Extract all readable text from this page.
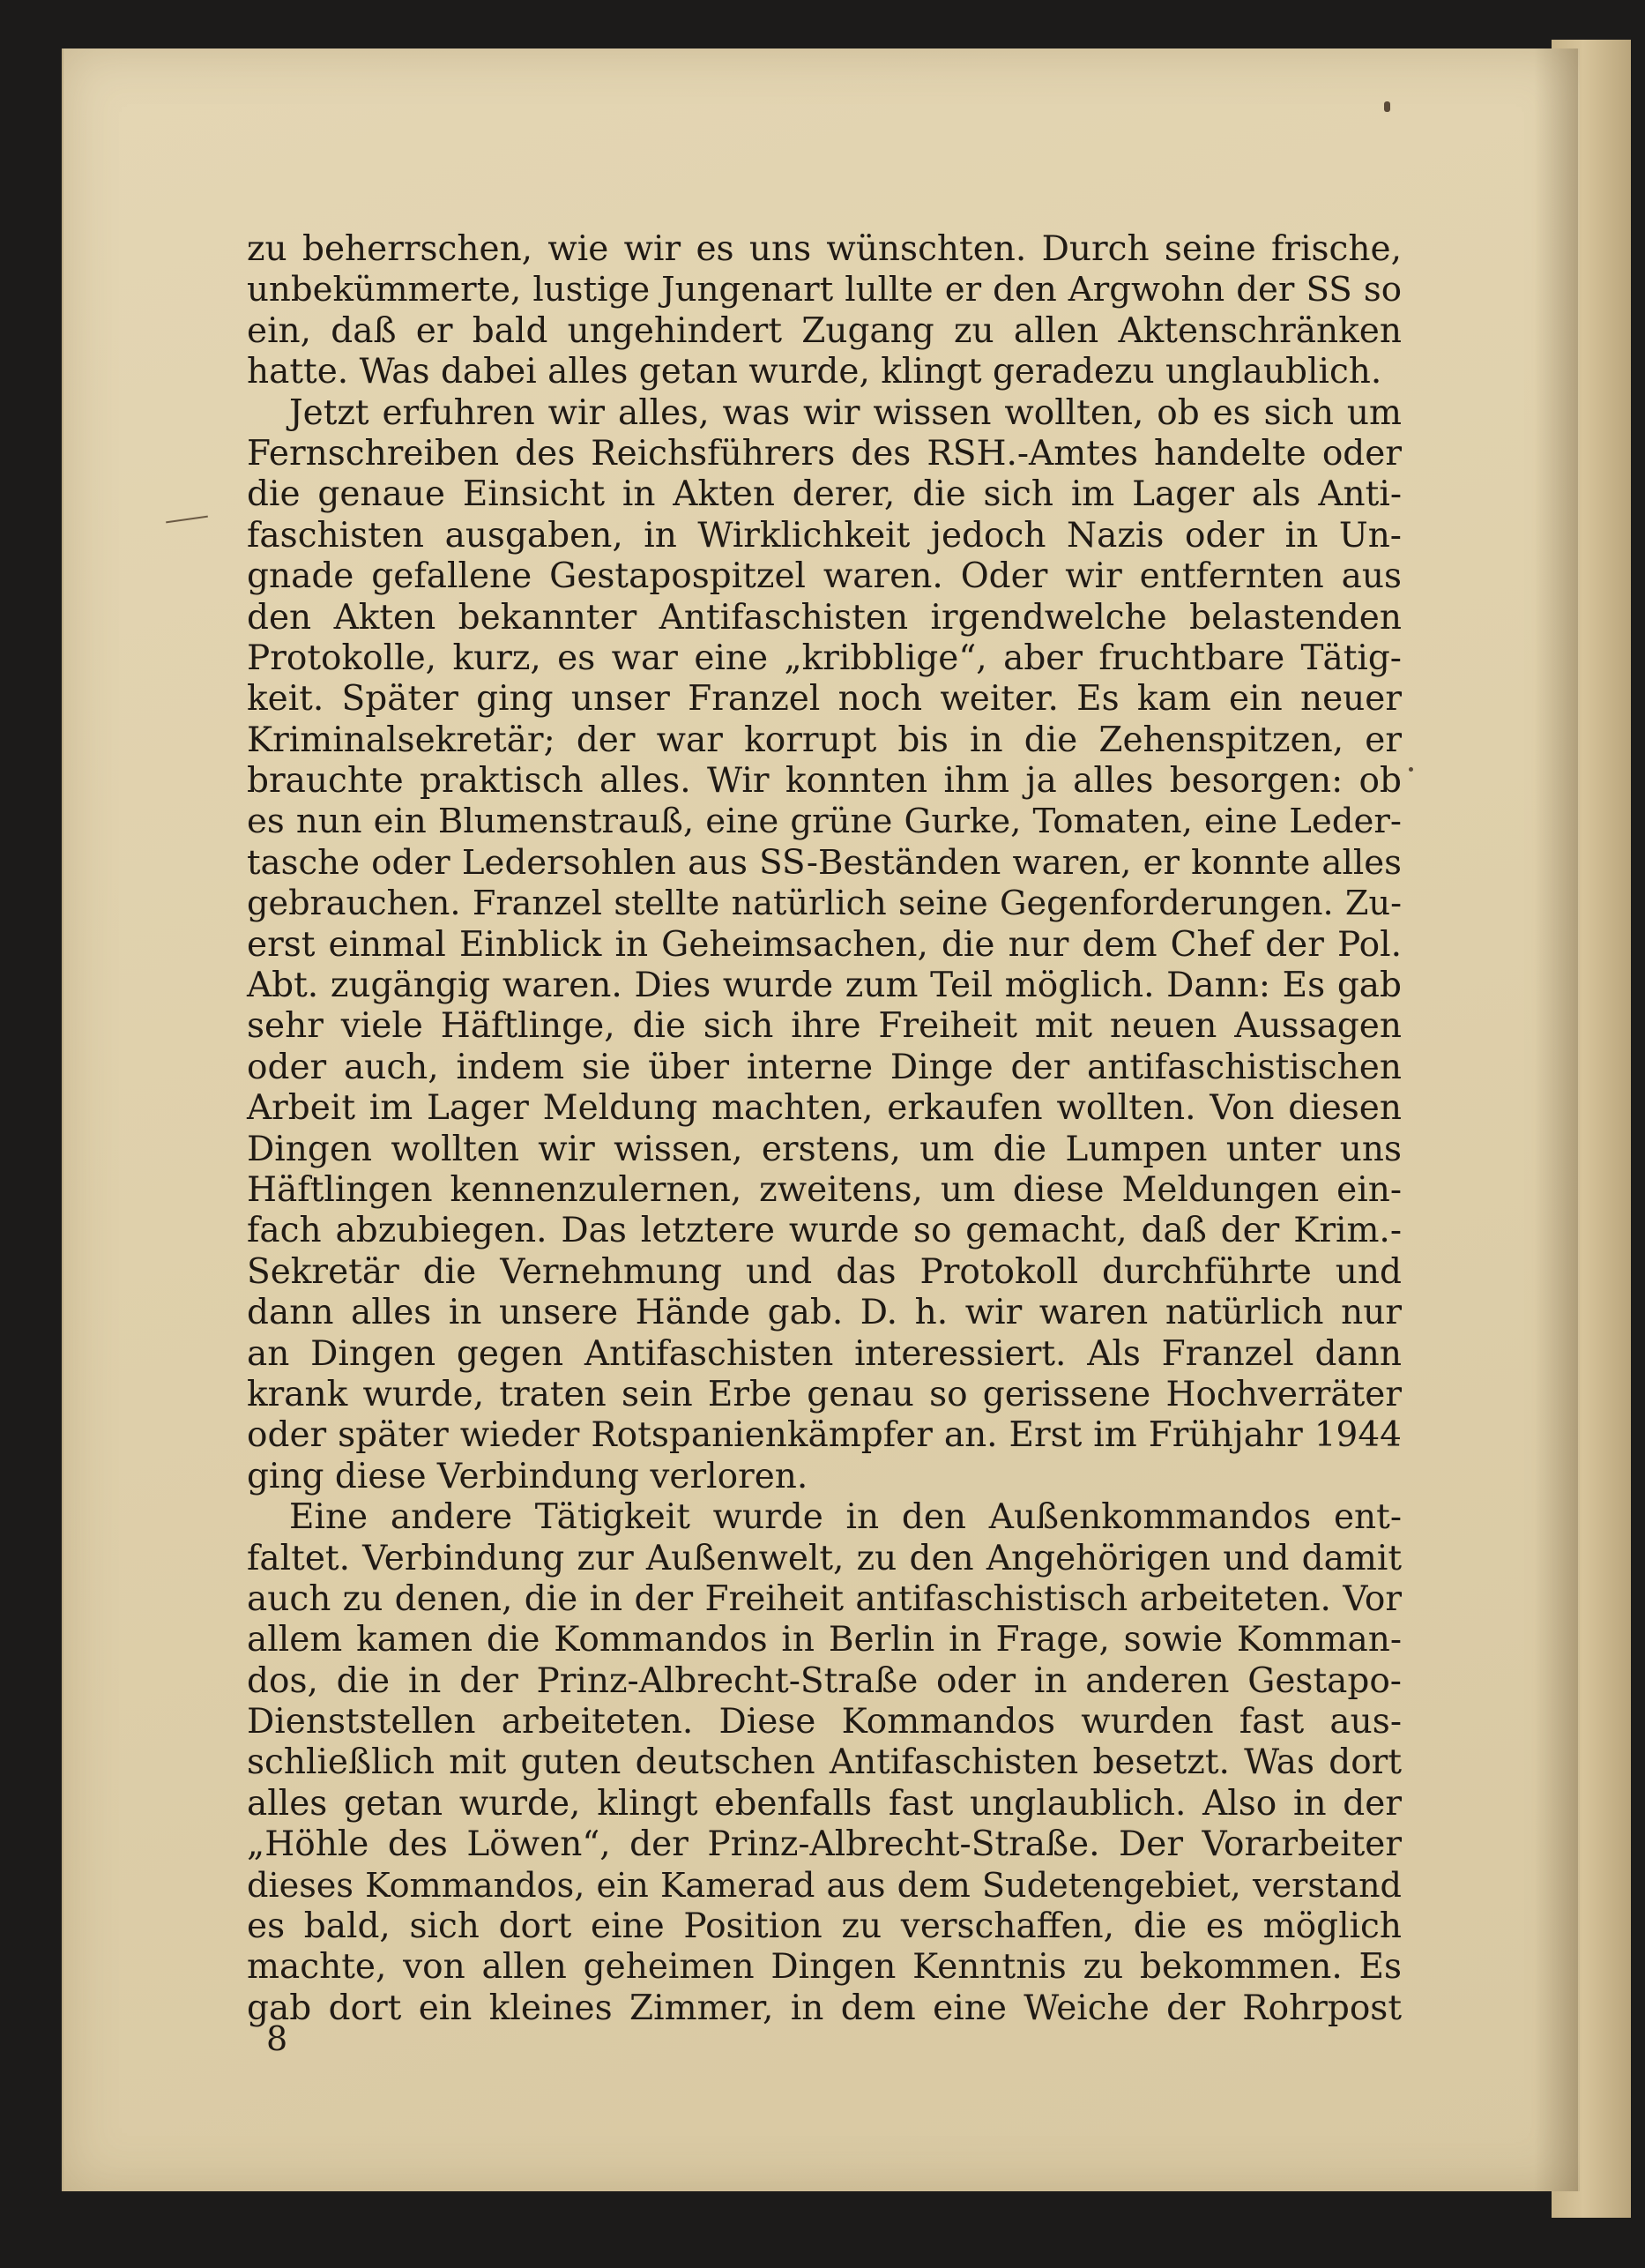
zu beherrschen, wie wir es uns wünschten. Durch seine frische,
unbekümmerte, lustige Jungenart lullte er den Argwohn der SS so
ein, daß er bald ungehindert Zugang zu allen Aktenschränken
hatte. Was dabei alles getan wurde, klingt geradezu unglaublich.
Jetzt erfuhren wir alles, was wir wissen wollten, ob es sich um
Fernschreiben des Reichsführers des RSH.-Amtes handelte oder
die genaue Einsicht in Akten derer, die sich im Lager als Anti-
faschisten ausgaben, in Wirklichkeit jedoch Nazis oder in Un-
gnade gefallene Gestapospitzel waren. Oder wir entfernten aus
den Akten bekannter Antifaschisten irgendwelche belastenden
Protokolle, kurz, es war eine „kribblige“, aber fruchtbare Tätig-
keit. Später ging unser Franzel noch weiter. Es kam ein neuer
Kriminalsekretär; der war korrupt bis in die Zehenspitzen, er
brauchte praktisch alles. Wir konnten ihm ja alles besorgen: ob
es nun ein Blumenstrauß, eine grüne Gurke, Tomaten, eine Leder-
tasche oder Ledersohlen aus SS-Beständen waren, er konnte alles
gebrauchen. Franzel stellte natürlich seine Gegenforderungen. Zu-
erst einmal Einblick in Geheimsachen, die nur dem Chef der Pol.
Abt. zugängig waren. Dies wurde zum Teil möglich. Dann: Es gab
sehr viele Häftlinge, die sich ihre Freiheit mit neuen Aussagen
oder auch, indem sie über interne Dinge der antifaschistischen
Arbeit im Lager Meldung machten, erkaufen wollten. Von diesen
Dingen wollten wir wissen, erstens, um die Lumpen unter uns
Häftlingen kennenzulernen, zweitens, um diese Meldungen ein-
fach abzubiegen. Das letztere wurde so gemacht, daß der Krim.-
Sekretär die Vernehmung und das Protokoll durchführte und
dann alles in unsere Hände gab. D. h. wir waren natürlich nur
an Dingen gegen Antifaschisten interessiert. Als Franzel dann
krank wurde, traten sein Erbe genau so gerissene Hochverräter
oder später wieder Rotspanienkämpfer an. Erst im Frühjahr 1944
ging diese Verbindung verloren.
Eine andere Tätigkeit wurde in den Außenkommandos ent-
faltet. Verbindung zur Außenwelt, zu den Angehörigen und damit
auch zu denen, die in der Freiheit antifaschistisch arbeiteten. Vor
allem kamen die Kommandos in Berlin in Frage, sowie Komman-
dos, die in der Prinz-Albrecht-Straße oder in anderen Gestapo-
Dienststellen arbeiteten. Diese Kommandos wurden fast aus-
schließlich mit guten deutschen Antifaschisten besetzt. Was dort
alles getan wurde, klingt ebenfalls fast unglaublich. Also in der
„Höhle des Löwen“, der Prinz-Albrecht-Straße. Der Vorarbeiter
dieses Kommandos, ein Kamerad aus dem Sudetengebiet, verstand
es bald, sich dort eine Position zu verschaffen, die es möglich
machte, von allen geheimen Dingen Kenntnis zu bekommen. Es
gab dort ein kleines Zimmer, in dem eine Weiche der Rohrpost
8
